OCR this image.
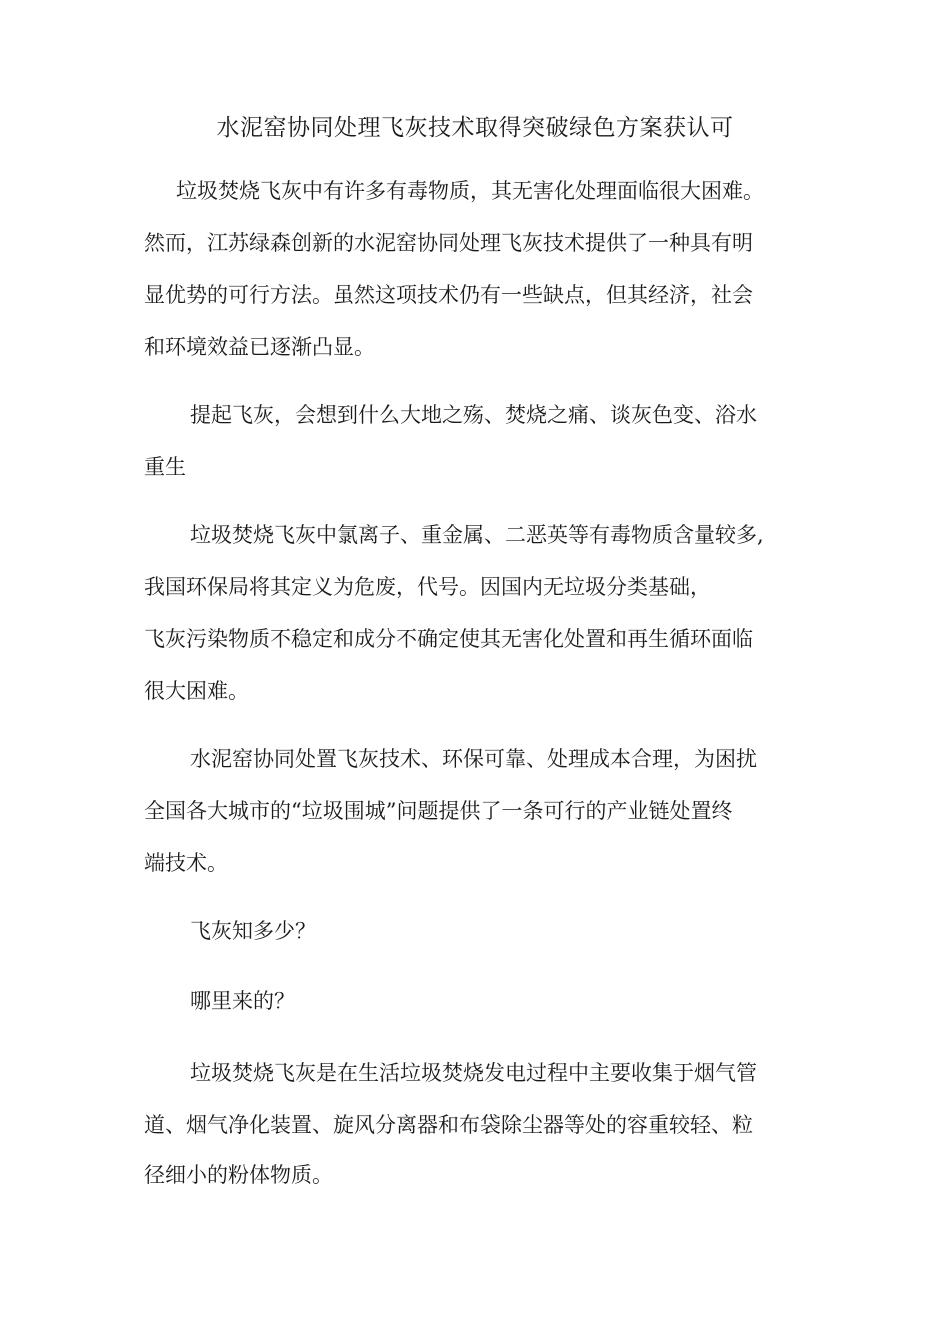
水泥窑协同处理飞灰技术取得突破绿色方案获认可

垃圾焚烧飞灰中有许多有毒物质，其无害化处理面临很大困难。

然而，江苏绿森创新的水泥窑协同处理飞灰技术提供了一种具有明

显优势的可行方法。虽然这项技术仍有一些缺点，但其经济，社会

和环境效益已逐渐凸显。

提起飞灰，会想到什么大地之殇、焚烧之痛、谈灰色变、浴水

重生

垃圾焚烧飞灰中氯离子、重金属、二恶英等有毒物质含量较多,

我国环保局将其定义为危废，代号。因国内无垃圾分类基础，

飞灰污染物质不稳定和成分不确定使其无害化处置和再生循环面临

很大困难。

水泥窑协同处置飞灰技术、环保可靠、处理成本合理，为困扰

全国各大城市的“垃圾围城”问题提供了一条可行的产业链处置终

端技术。

飞灰知多少？

哪里来的？

垃圾焚烧飞灰是在生活垃圾焚烧发电过程中主要收集于烟气管

道、烟气净化装置、旋风分离器和布袋除尘器等处的容重较轻、粒

径细小的粉体物质。
